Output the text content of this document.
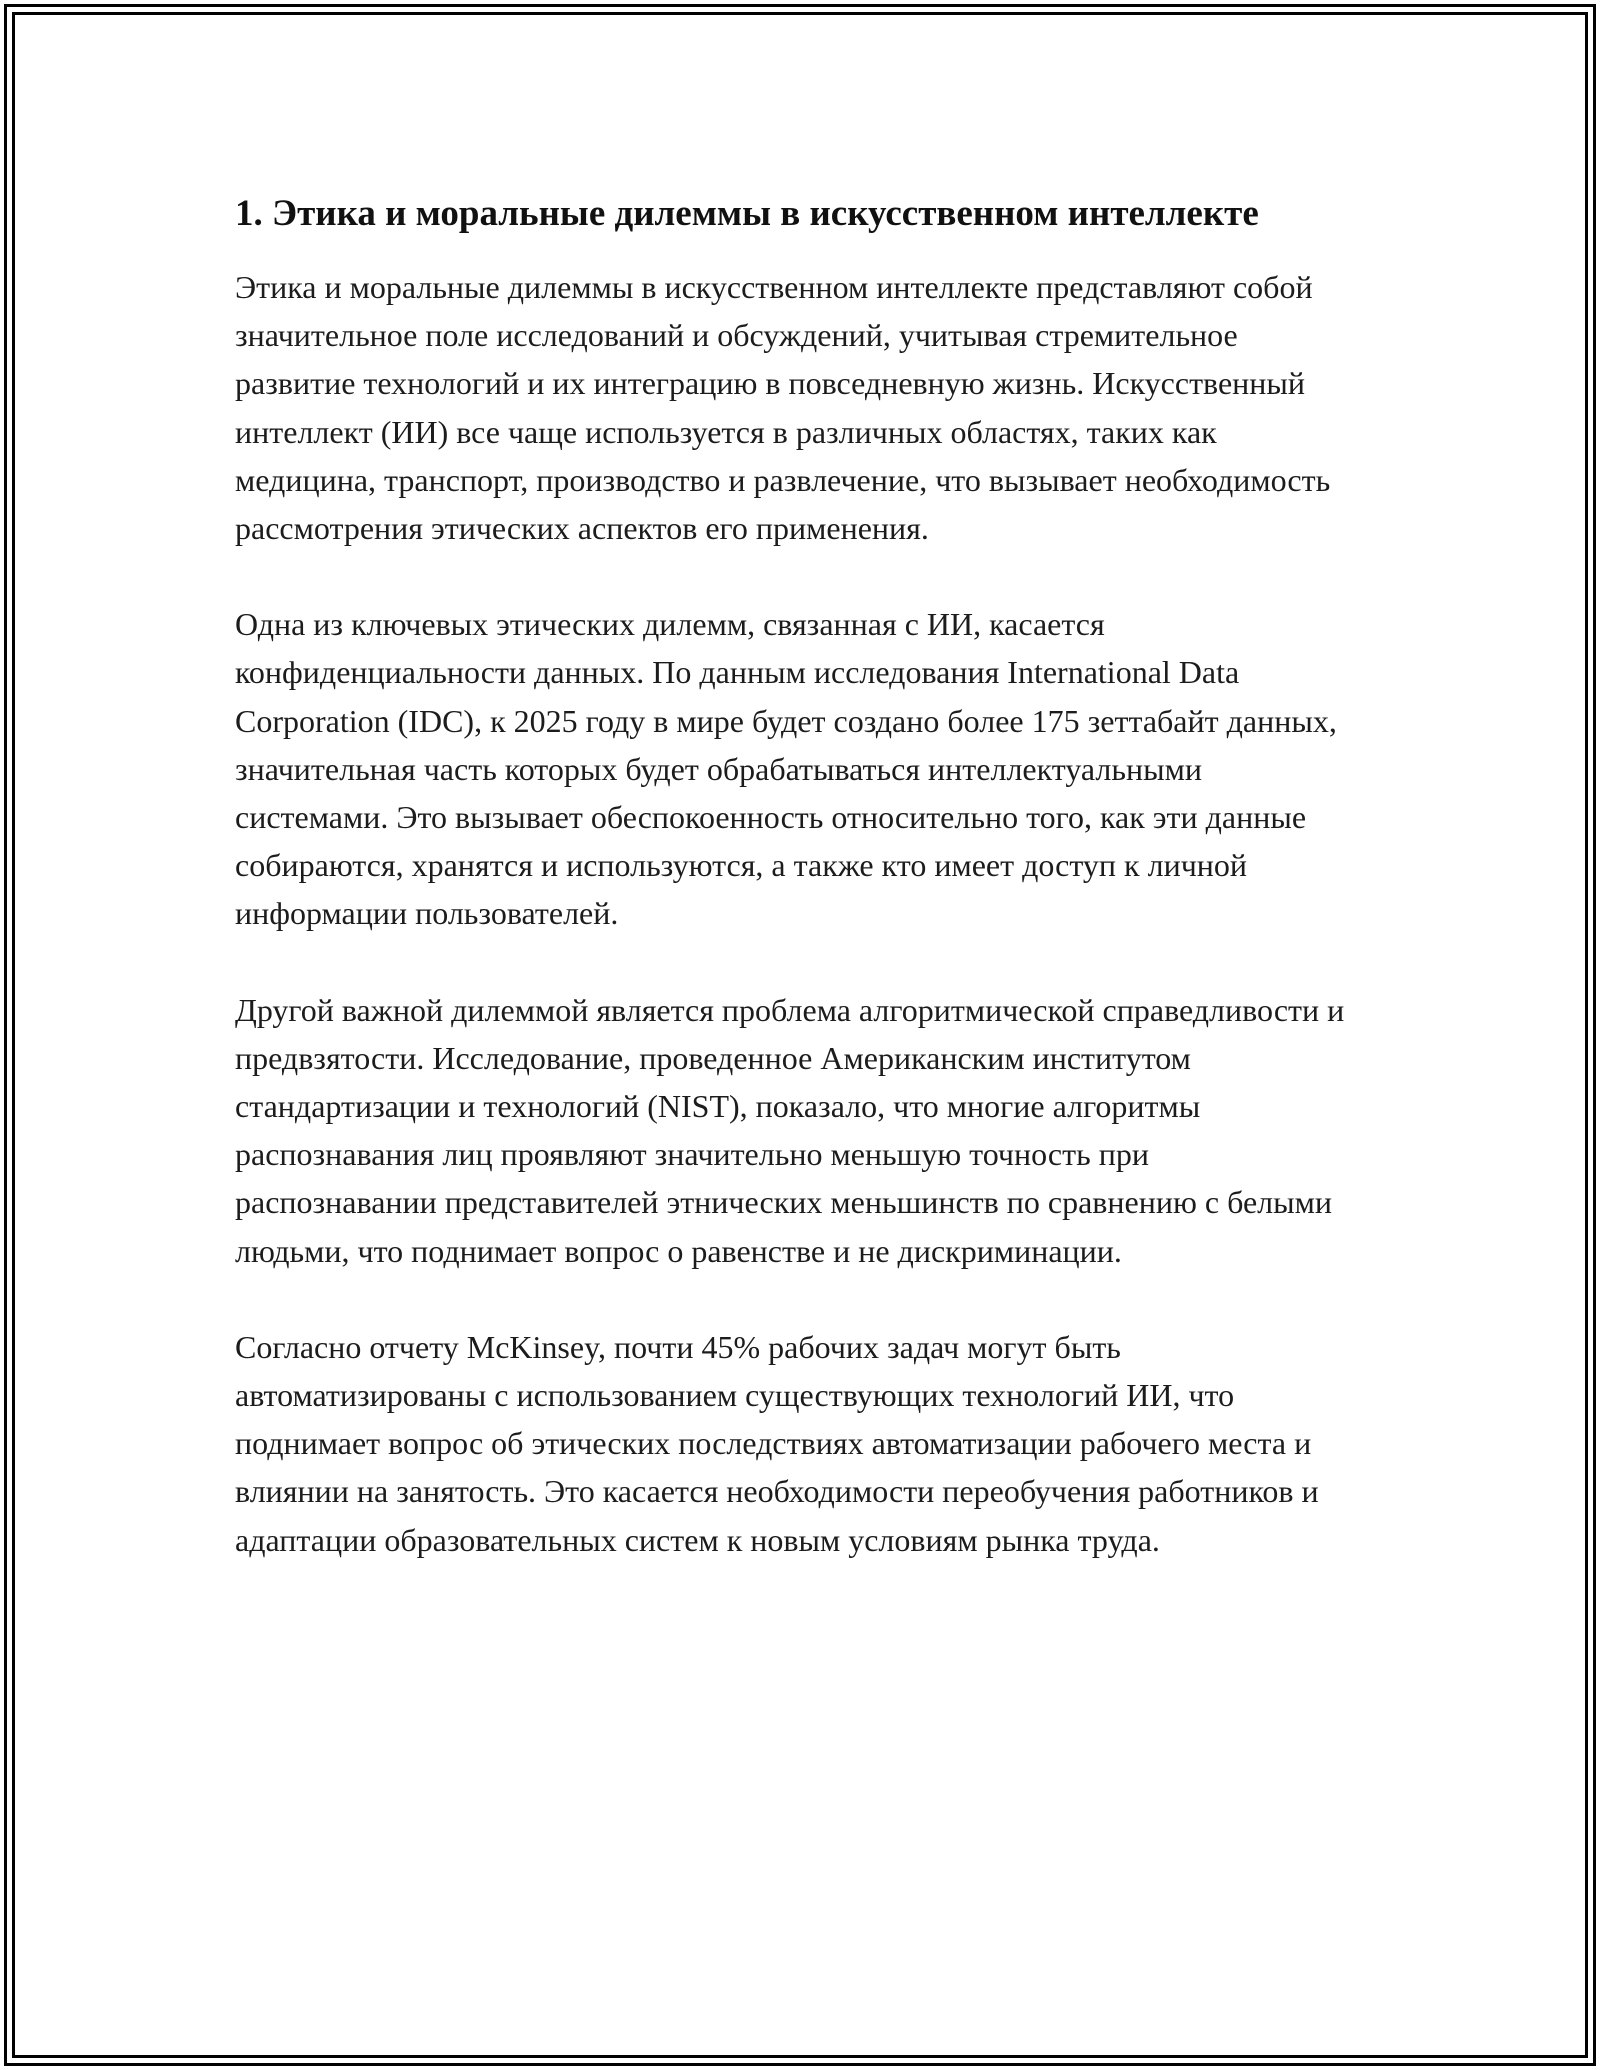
1. Этика и моральные дилеммы в искусственном интеллекте

Этика и моральные дилеммы в искусственном интеллекте представляют собой значительное поле исследований и обсуждений, учитывая стремительное развитие технологий и их интеграцию в повседневную жизнь. Искусственный интеллект (ИИ) все чаще используется в различных областях, таких как медицина, транспорт, производство и развлечение, что вызывает необходимость рассмотрения этических аспектов его применения.

Одна из ключевых этических дилемм, связанная с ИИ, касается конфиденциальности данных. По данным исследования International Data Corporation (IDC), к 2025 году в мире будет создано более 175 зеттабайт данных, значительная часть которых будет обрабатываться интеллектуальными системами. Это вызывает обеспокоенность относительно того, как эти данные собираются, хранятся и используются, а также кто имеет доступ к личной информации пользователей.

Другой важной дилеммой является проблема алгоритмической справедливости и предвзятости. Исследование, проведенное Американским институтом стандартизации и технологий (NIST), показало, что многие алгоритмы распознавания лиц проявляют значительно меньшую точность при распознавании представителей этнических меньшинств по сравнению с белыми людьми, что поднимает вопрос о равенстве и не дискриминации.

Согласно отчету McKinsey, почти 45% рабочих задач могут быть автоматизированы с использованием существующих технологий ИИ, что поднимает вопрос об этических последствиях автоматизации рабочего места и влиянии на занятость. Это касается необходимости переобучения работников и адаптации образовательных систем к новым условиям рынка труда.
